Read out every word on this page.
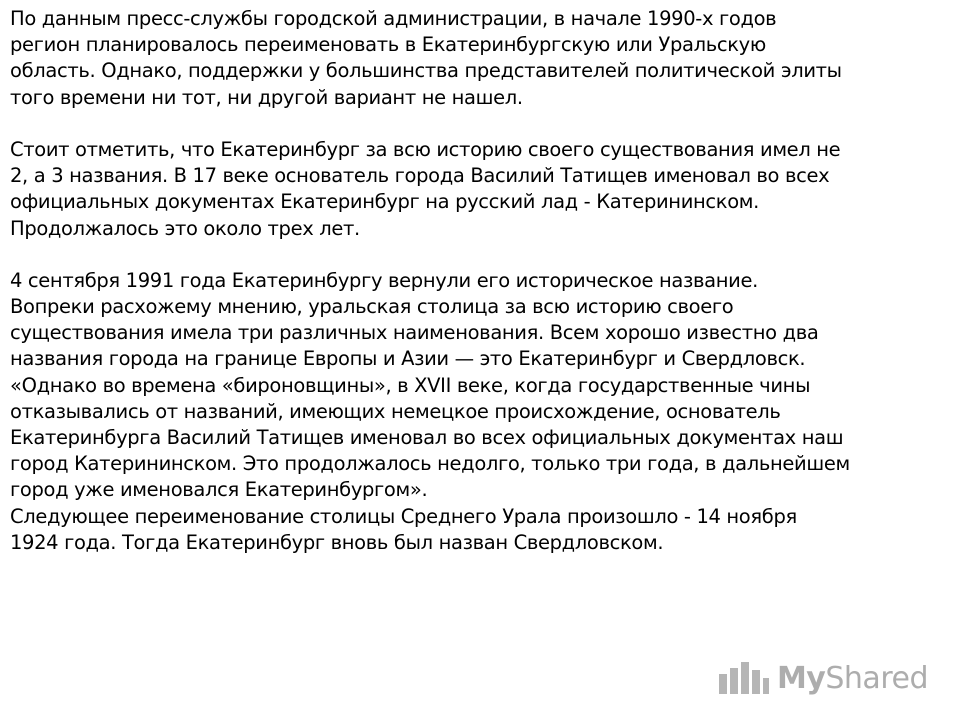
По данным пресс-службы городской администрации, в начале 1990-х годов
регион планировалось переименовать в Екатеринбургскую или Уральскую
область. Однако, поддержки у большинства представителей политической элиты
того времени ни тот, ни другой вариант не нашел.
Стоит отметить, что Екатеринбург за всю историю своего существования имел не
2, а 3 названия. В 17 веке основатель города Василий Татищев именовал во всех
официальных документах Екатеринбург на русский лад - Катерининском.
Продолжалось это около трех лет.
4 сентября 1991 года Екатеринбургу вернули его историческое название.
Вопреки расхожему мнению, уральская столица за всю историю своего
существования имела три различных наименования. Всем хорошо известно два
названия города на границе Европы и Азии — это Екатеринбург и Свердловск.
«Однако во времена «бироновщины», в XVII веке, когда государственные чины
отказывались от названий, имеющих немецкое происхождение, основатель
Екатеринбурга Василий Татищев именовал во всех официальных документах наш
город Катерининском. Это продолжалось недолго, только три года, в дальнейшем
город уже именовался Екатеринбургом».
Следующее переименование столицы Среднего Урала произошло - 14 ноября
1924 года. Тогда Екатеринбург вновь был назван Свердловском.
MyShared
